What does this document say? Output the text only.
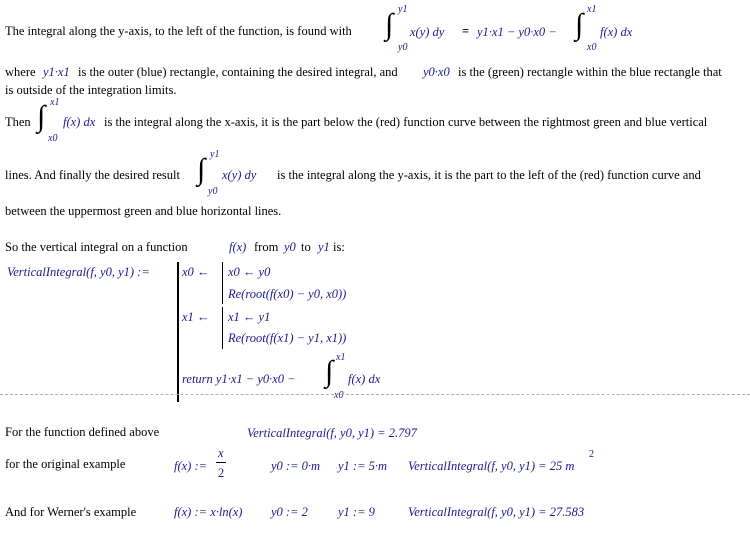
The integral along the y-axis, to the left of the function, is found with ∫ y1
y0
x(y) dy = y1·x1 − y0·x0 − ∫ x1
x0
f(x) dx
where y1·x1 is the outer (blue) rectangle, containing the desired integral, and y0·x0 is the (green) rectangle within the blue rectangle that
is outside of the integration limits.
Then ∫ x1
x0
f(x) dx is the integral along the x-axis, it is the part below the (red) function curve between the rightmost green and blue vertical
lines. And finally the desired result ∫ y1
y0
x(y) dy is the integral along the y-axis, it is the part to the left of the (red) function curve and
between the uppermost green and blue horizontal lines.
So the vertical integral on a function	f(x) from y0 to y1 is:
VerticalIntegral(f, y0, y1) :=	x0 ← x0 ← y0
Re(root(f(x0) − y0, x0))
x1 ← x1 ← y1
Re(root(f(x1) − y1, x1))
return y1·x1 − y0·x0 − ∫ x1
x0
f(x) dx
For the function defined above	VerticalIntegral(f, y0, y1) = 2.797
for the original example	f(x) :=
x
2	y0 := 0·m y1 := 5·m VerticalIntegral(f, y0, y1) = 25 m
2
And for Werner's example	f(x) := x·ln(x) y0 := 2 y1 := 9	VerticalIntegral(f, y0, y1) = 27.583
